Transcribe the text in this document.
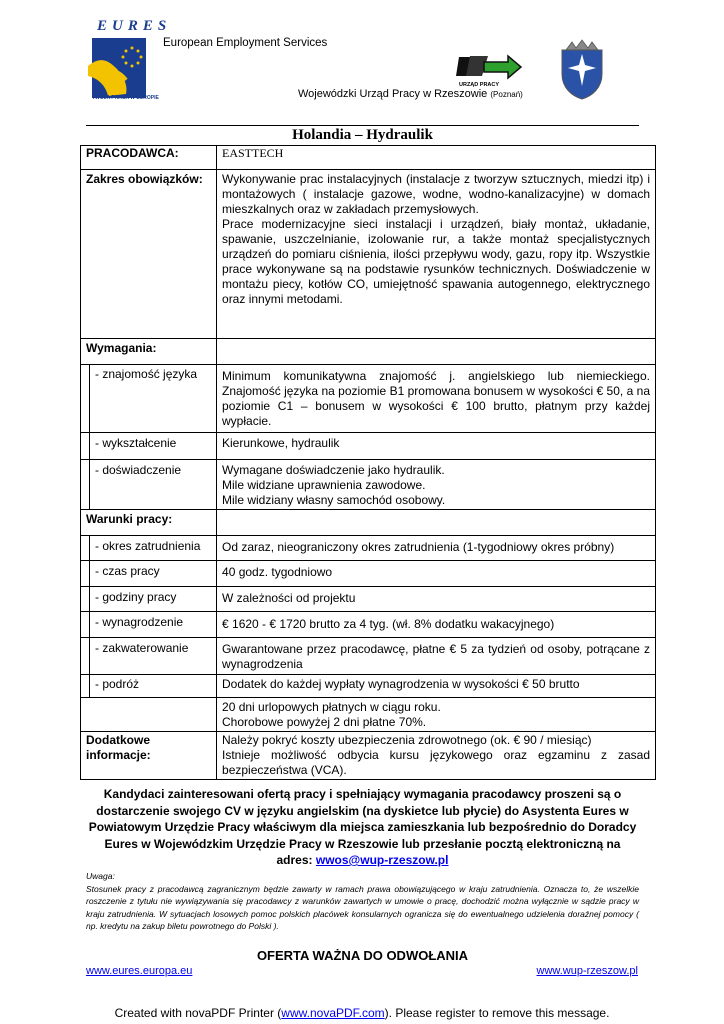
EURES
TWOJA PRACA W EUROPIE
European Employment Services
URZĄD PRACY
Wojewódzki Urząd Pracy w Rzeszowie (Poznań)
Holandia – Hydraulik
PRACODAWCA:		EASTTECH
Zakres obowiązków:		Wykonywanie prac instalacyjnych (instalacje z tworzyw sztucznych, miedzi itp) i montażowych ( instalacje gazowe, wodne, wodno-kanalizacyjne) w domach mieszkalnych oraz w zakładach przemysłowych.
Prace modernizacyjne sieci instalacji i urządzeń, biały montaż, układanie, spawanie, uszczelnianie, izolowanie rur, a także montaż specjalistycznych urządzeń do pomiaru ciśnienia, ilości przepływu wody, gazu, ropy itp. Wszystkie prace wykonywane są na podstawie rysunków technicznych. Doświadczenie w montażu piecy, kotłów CO, umiejętność spawania autogennego, elektrycznego oraz innymi metodami.
Wymagania:		
	- znajomość języka	Minimum komunikatywna znajomość j. angielskiego lub niemieckiego. Znajomość języka na poziomie B1 promowana bonusem w wysokości € 50, a na poziomie C1 – bonusem w wysokości € 100 brutto, płatnym przy każdej wypłacie.
	- wykształcenie	Kierunkowe, hydraulik
	- doświadczenie	Wymagane doświadczenie jako hydraulik.
Mile widziane uprawnienia zawodowe.
Mile widziany własny samochód osobowy.
Warunki pracy:		
	- okres zatrudnienia	Od zaraz, nieograniczony okres zatrudnienia (1-tygodniowy okres próbny)
	- czas pracy	40 godz. tygodniowo
	- godziny pracy	W zależności od projektu
	- wynagrodzenie	€ 1620 - € 1720 brutto za 4 tyg. (wł. 8% dodatku wakacyjnego)
	- zakwaterowanie	Gwarantowane przez pracodawcę, płatne € 5 za tydzień od osoby, potrącane z wynagrodzenia
	- podróż	Dodatek do każdej wypłaty wynagrodzenia w wysokości € 50 brutto
		20 dni urlopowych płatnych w ciągu roku.
Chorobowe powyżej 2 dni płatne 70%.
Dodatkowe informacje:		Należy pokryć koszty ubezpieczenia zdrowotnego (ok. € 90 / miesiąc)
Istnieje możliwość odbycia kursu językowego oraz egzaminu z zasad bezpieczeństwa (VCA).
Kandydaci zainteresowani ofertą pracy i spełniający wymagania pracodawcy proszeni są o dostarczenie swojego CV w języku angielskim (na dyskietce lub płycie) do Asystenta Eures w Powiatowym Urzędzie Pracy właściwym dla miejsca zamieszkania lub bezpośrednio do Doradcy Eures w Wojewódzkim Urzędzie Pracy w Rzeszowie lub przesłanie pocztą elektroniczną na adres: wwos@wup-rzeszow.pl
Uwaga:
Stosunek pracy z pracodawcą zagranicznym będzie zawarty w ramach prawa obowiązującego w kraju zatrudnienia. Oznacza to, że wszelkie roszczenie z tytułu nie wywiązywania się pracodawcy z warunków zawartych w umowie o pracę, dochodzić można wyłącznie w sądzie pracy w kraju zatrudnienia. W sytuacjach losowych pomoc polskich placówek konsularnych ogranicza się do ewentualnego udzielenia doraźnej pomocy ( np. kredytu na zakup biletu powrotnego do Polski ).
OFERTA WAŻNA DO ODWOŁANIA
www.eures.europa.eu	www.wup-rzeszow.pl
Created with novaPDF Printer (www.novaPDF.com). Please register to remove this message.
